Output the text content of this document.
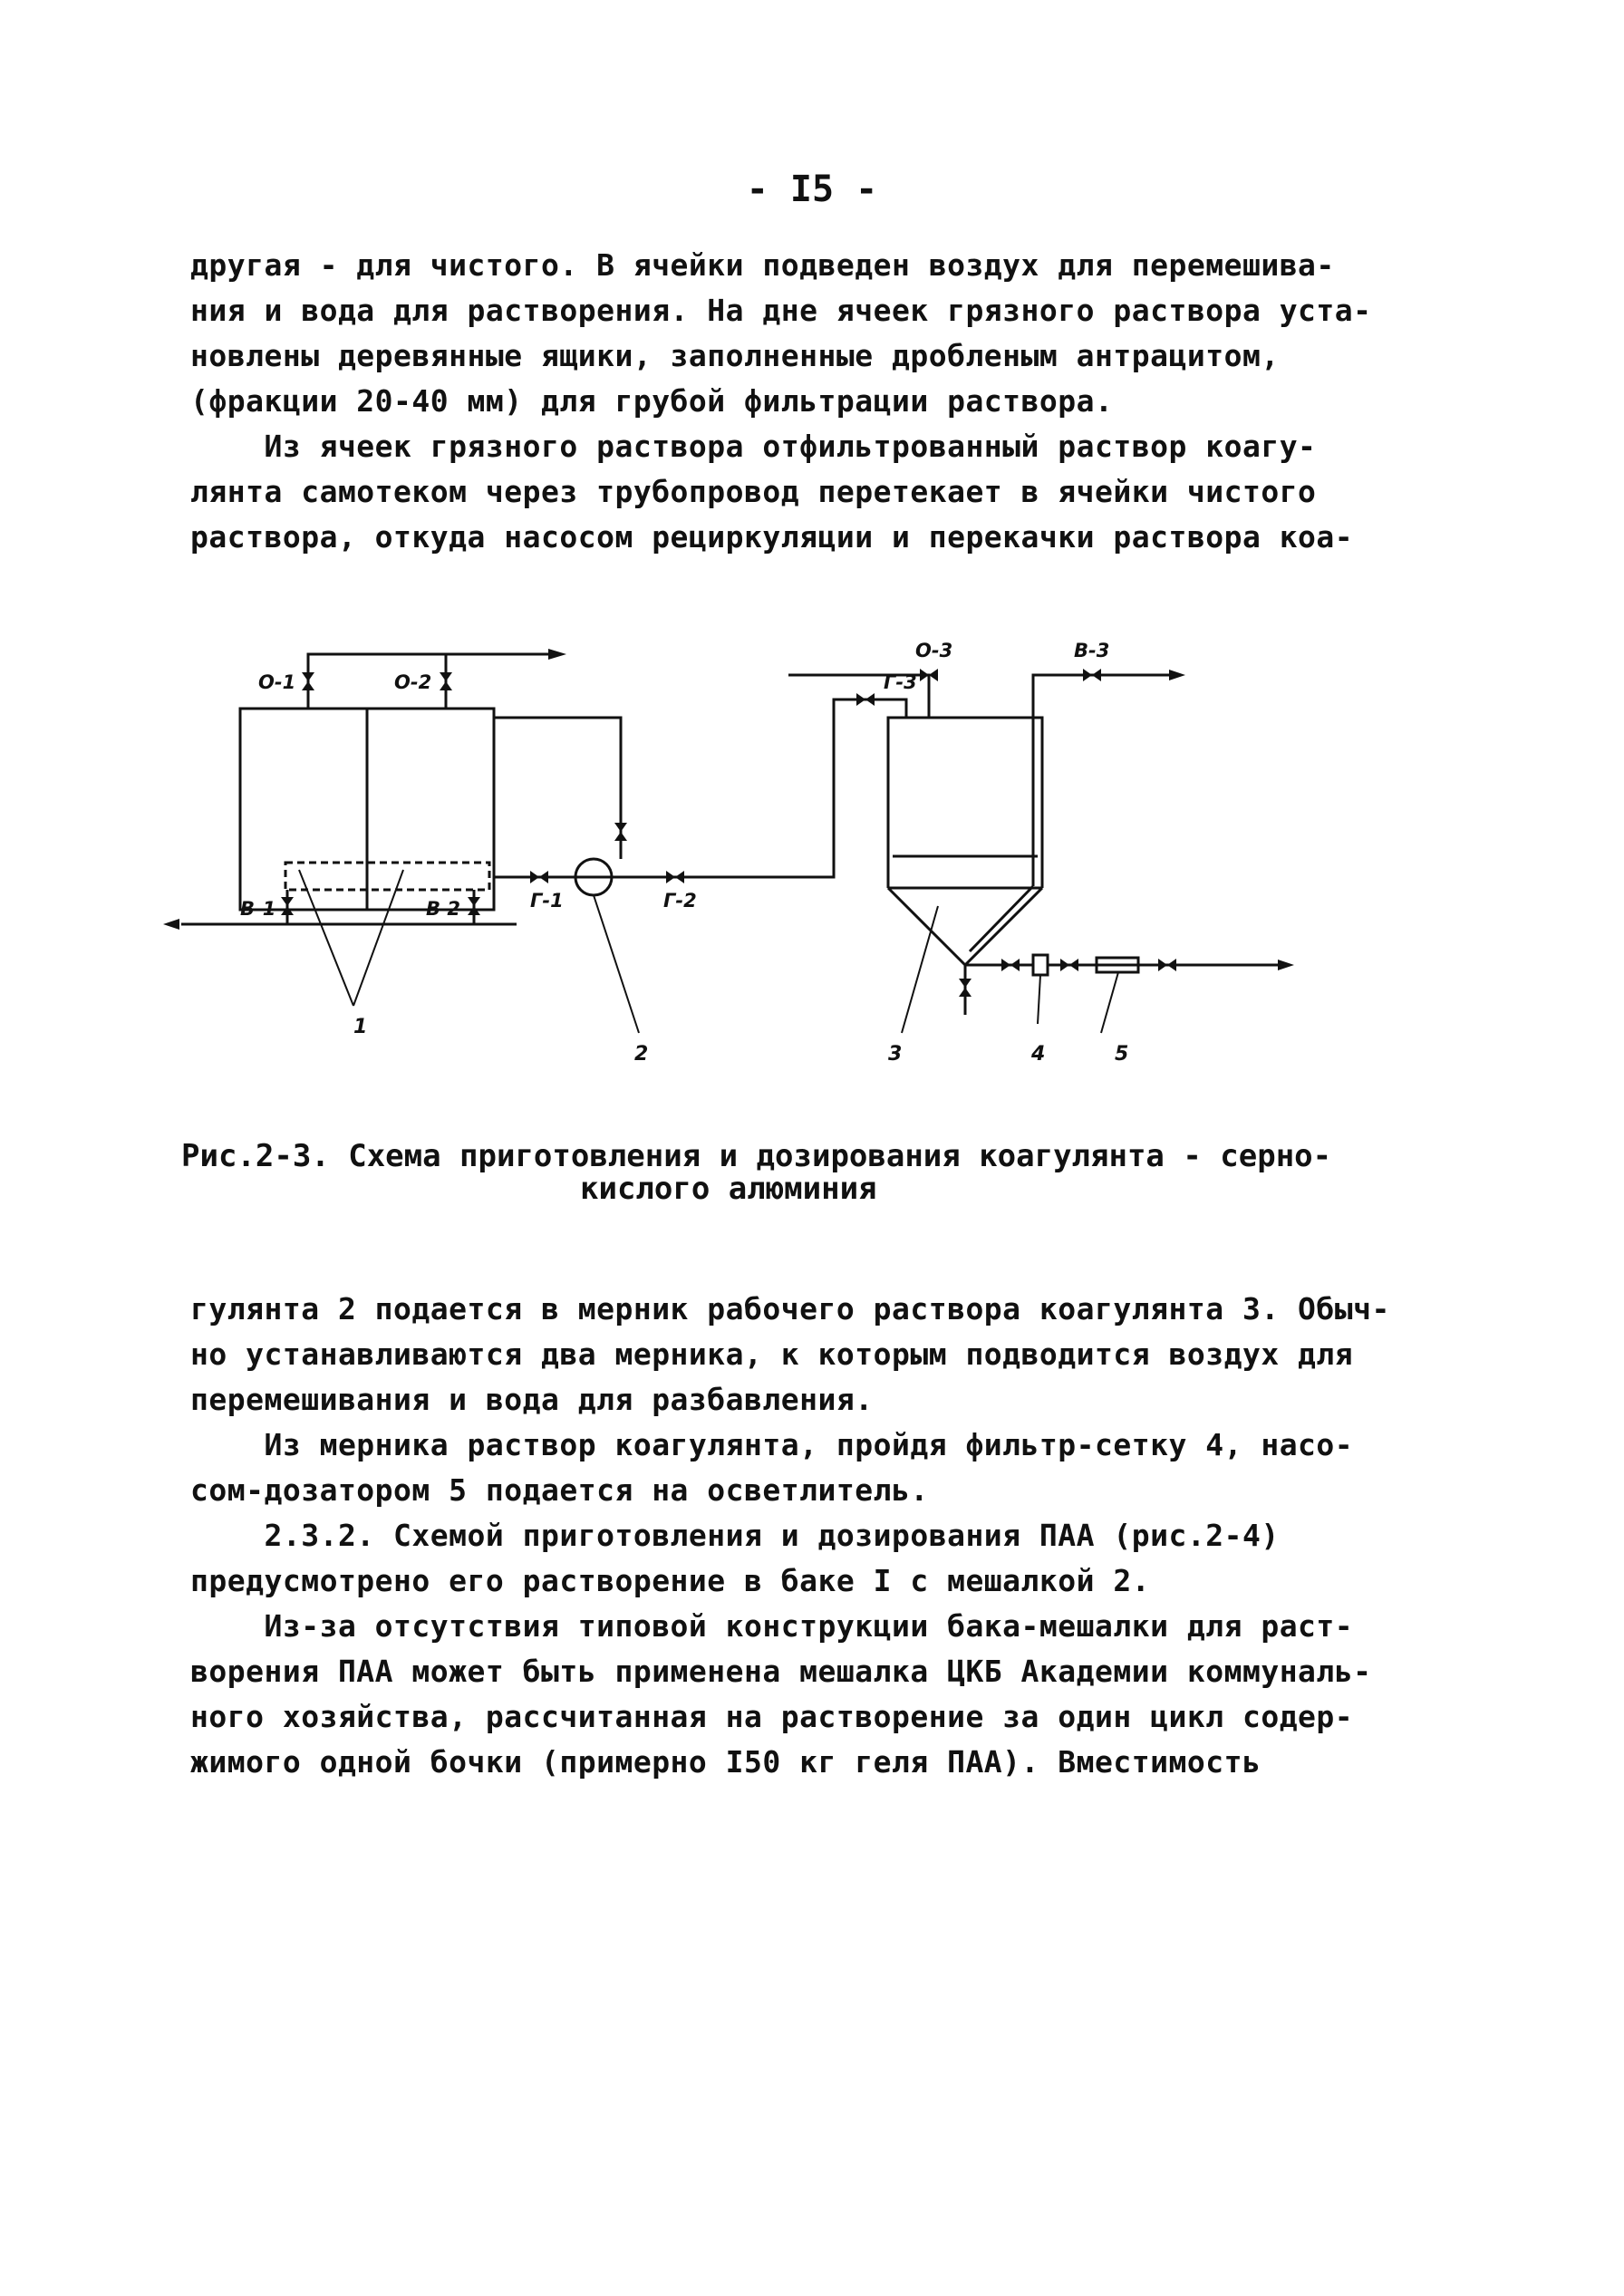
- I5 -

другая - для чистого. В ячейки подведен воздух для перемешива-

ния и вода для растворения. На дне ячеек грязного раствора уста-

новлены деревянные ящики, заполненные дробленым антрацитом,

(фракции 20-40 мм) для грубой фильтрации раствора.

Из ячеек грязного раствора отфильтрованный раствор коагу-

лянта самотеком через трубопровод перетекает в ячейки чистого

раствора, откуда насосом рециркуляции и перекачки раствора коа-

О-1	О-2
В-1	В 2	Г-1	Г-2
Г-3
О-3	В-3
1
2	3	4	5
Рис.2-3. Схема приготовления и дозирования коагулянта - серно-
кислого алюминия

гулянта 2 подается в мерник рабочего раствора коагулянта 3. Обыч-

но устанавливаются два мерника, к которым подводится воздух для

перемешивания и вода для разбавления.

Из мерника раствор коагулянта, пройдя фильтр-сетку 4, насо-

сом-дозатором 5 подается на осветлитель.

2.3.2. Схемой приготовления и дозирования ПАА (рис.2-4)

предусмотрено его растворение в баке I с мешалкой 2.

Из-за отсутствия типовой конструкции бака-мешалки для раст-

ворения ПАА может быть применена мешалка ЦКБ Академии коммуналь-

ного хозяйства, рассчитанная на растворение за один цикл содер-

жимого одной бочки (примерно I50 кг геля ПАА). Вместимость
